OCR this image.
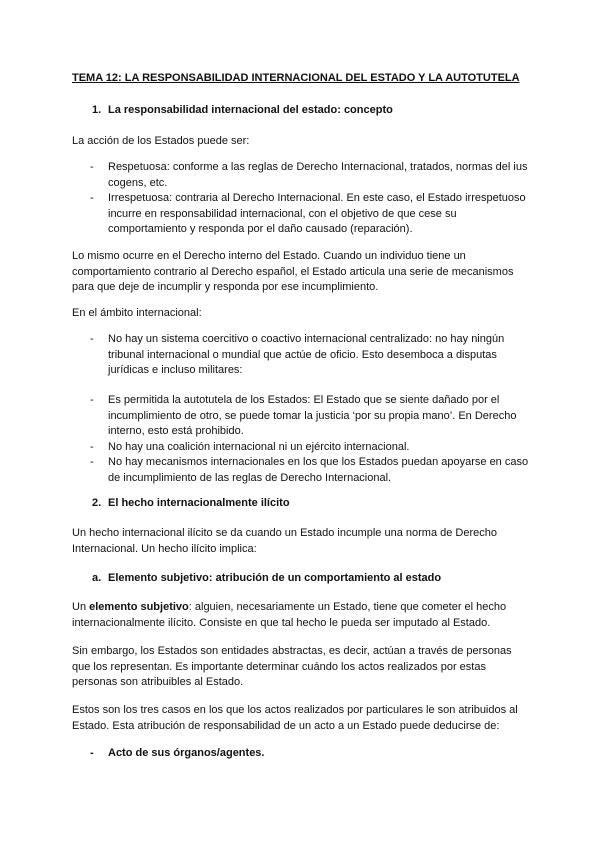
TEMA 12: LA RESPONSABILIDAD INTERNACIONAL DEL ESTADO Y LA AUTOTUTELA
1. La responsabilidad internacional del estado: concepto

La acción de los Estados puede ser:

- Respetuosa: conforme a las reglas de Derecho Internacional, tratados, normas del ius cogens, etc.
- Irrespetuosa: contraria al Derecho Internacional. En este caso, el Estado irrespetuoso incurre en responsabilidad internacional, con el objetivo de que cese su comportamiento y responda por el daño causado (reparación).

Lo mismo ocurre en el Derecho interno del Estado. Cuando un individuo tiene un comportamiento contrario al Derecho español, el Estado articula una serie de mecanismos para que deje de incumplir y responda por ese incumplimiento.

En el ámbito internacional:

- No hay un sistema coercitivo o coactivo internacional centralizado: no hay ningún tribunal internacional o mundial que actúe de oficio. Esto desemboca a disputas jurídicas e incluso militares:
- Es permitida la autotutela de los Estados: El Estado que se siente dañado por el incumplimiento de otro, se puede tomar la justicia ‘por su propia mano’. En Derecho interno, esto está prohibido.
- No hay una coalición internacional ni un ejército internacional.
- No hay mecanismos internacionales en los que los Estados puedan apoyarse en caso de incumplimiento de las reglas de Derecho Internacional.
2. El hecho internacionalmente ilícito

Un hecho internacional ilícito se da cuando un Estado incumple una norma de Derecho Internacional. Un hecho ilícito implica:

a. Elemento subjetivo: atribución de un comportamiento al estado

Un elemento subjetivo: alguien, necesariamente un Estado, tiene que cometer el hecho internacionalmente ilícito. Consiste en que tal hecho le pueda ser imputado al Estado.

Sin embargo, los Estados son entidades abstractas, es decir, actúan a través de personas que los representan. Es importante determinar cuándo los actos realizados por estas personas son atribuibles al Estado.

Estos son los tres casos en los que los actos realizados por particulares le son atribuidos al Estado. Esta atribución de responsabilidad de un acto a un Estado puede deducirse de:

- Acto de sus órganos/agentes.
